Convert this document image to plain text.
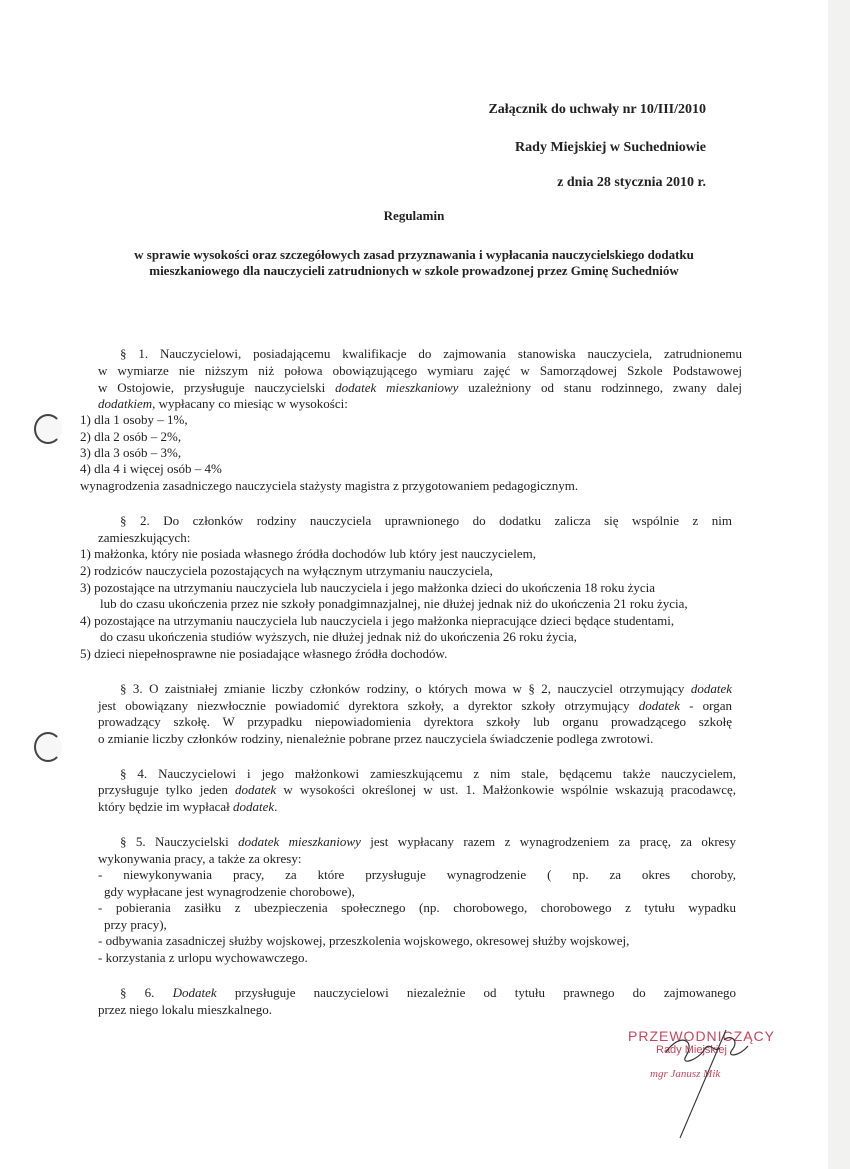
Załącznik do uchwały nr 10/III/2010
Rady Miejskiej w Suchedniowie
z dnia 28 stycznia 2010 r.
Regulamin
w sprawie wysokości oraz szczegółowych zasad przyznawania i wypłacania nauczycielskiego dodatku
mieszkaniowego dla nauczycieli zatrudnionych w szkole prowadzonej przez Gminę Suchedniów
§ 1. Nauczycielowi, posiadającemu kwalifikacje do zajmowania stanowiska nauczyciela, zatrudnionemu
w wymiarze nie niższym niż połowa obowiązującego wymiaru zajęć w Samorządowej Szkole Podstawowej
w Ostojowie, przysługuje nauczycielski dodatek mieszkaniowy uzależniony od stanu rodzinnego, zwany dalej
dodatkiem, wypłacany co miesiąc w wysokości:
1) dla 1 osoby – 1%,
2) dla 2 osób – 2%,
3) dla 3 osób – 3%,
4) dla 4 i więcej osób – 4%
wynagrodzenia zasadniczego nauczyciela stażysty magistra z przygotowaniem pedagogicznym.
§ 2. Do członków rodziny nauczyciela uprawnionego do dodatku zalicza się wspólnie z nim
zamieszkujących:
1) małżonka, który nie posiada własnego źródła dochodów lub który jest nauczycielem,
2) rodziców nauczyciela pozostających na wyłącznym utrzymaniu nauczyciela,
3) pozostające na utrzymaniu nauczyciela lub nauczyciela i jego małżonka dzieci do ukończenia 18 roku życia
lub do czasu ukończenia przez nie szkoły ponadgimnazjalnej, nie dłużej jednak niż do ukończenia 21 roku życia,
4) pozostające na utrzymaniu nauczyciela lub nauczyciela i jego małżonka niepracujące dzieci będące studentami,
do czasu ukończenia studiów wyższych, nie dłużej jednak niż do ukończenia 26 roku życia,
5) dzieci niepełnosprawne nie posiadające własnego źródła dochodów.
§ 3. O zaistniałej zmianie liczby członków rodziny, o których mowa w § 2, nauczyciel otrzymujący dodatek
jest obowiązany niezwłocznie powiadomić dyrektora szkoły, a dyrektor szkoły otrzymujący dodatek - organ
prowadzący szkołę. W przypadku niepowiadomienia dyrektora szkoły lub organu prowadzącego szkołę
o zmianie liczby członków rodziny, nienależnie pobrane przez nauczyciela świadczenie podlega zwrotowi.
§ 4. Nauczycielowi i jego małżonkowi zamieszkującemu z nim stale, będącemu także nauczycielem,
przysługuje tylko jeden dodatek w wysokości określonej w ust. 1. Małżonkowie wspólnie wskazują pracodawcę,
który będzie im wypłacał dodatek.
§ 5. Nauczycielski dodatek mieszkaniowy jest wypłacany razem z wynagrodzeniem za pracę, za okresy
wykonywania pracy, a także za okresy:
- niewykonywania pracy, za które przysługuje wynagrodzenie ( np. za okres choroby,
gdy wypłacane jest wynagrodzenie chorobowe),
- pobierania zasiłku z ubezpieczenia społecznego (np. chorobowego, chorobowego z tytułu wypadku
przy pracy),
- odbywania zasadniczej służby wojskowej, przeszkolenia wojskowego, okresowej służby wojskowej,
- korzystania z urlopu wychowawczego.
§ 6. Dodatek przysługuje nauczycielowi niezależnie od tytułu prawnego do zajmowanego
przez niego lokalu mieszkalnego.
PRZEWODNICZĄCY
Rady Miejskiej
mgr Janusz Mik
